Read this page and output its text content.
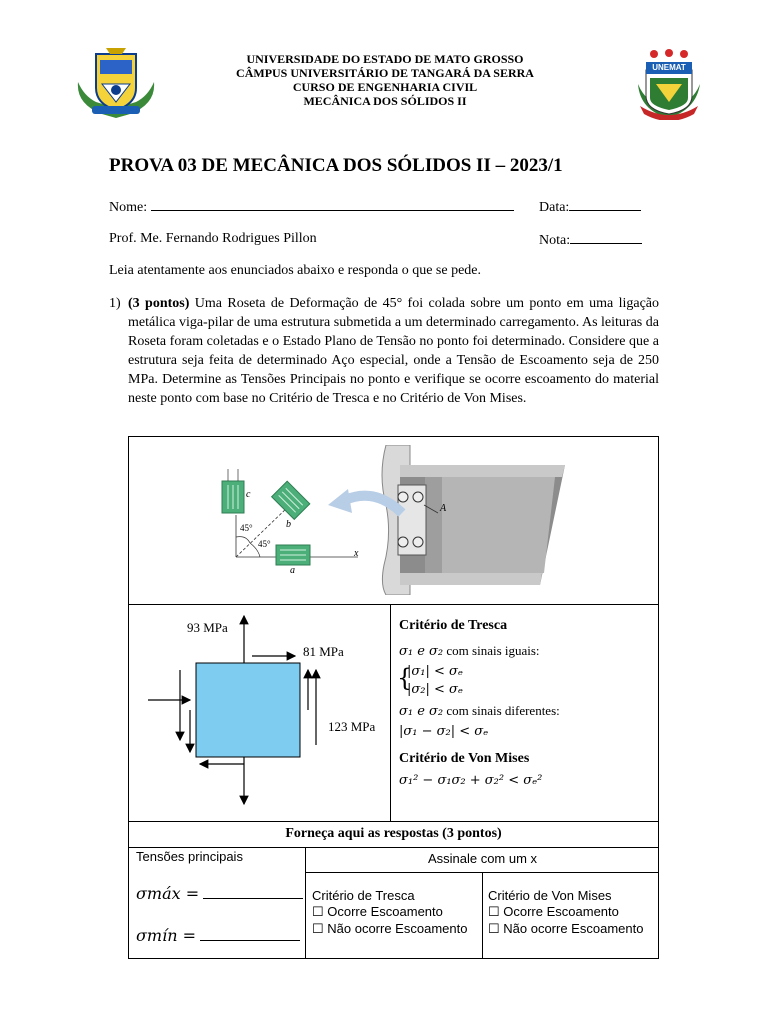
UNEMAT
UNIVERSIDADE DO ESTADO DE MATO GROSSO
CÂMPUS UNIVERSITÁRIO DE TANGARÁ DA SERRA
CURSO DE ENGENHARIA CIVIL
MECÂNICA DOS SÓLIDOS II
PROVA 03 DE MECÂNICA DOS SÓLIDOS II – 2023/1
Nome:	Data:
Prof. Me. Fernando Rodrigues Pillon	Nota:
Leia atentamente aos enunciados abaixo e responda o que se pede.
1) (3 pontos) Uma Roseta de Deformação de 45° foi colada sobre um ponto em uma ligação metálica viga-pilar de uma estrutura submetida a um determinado carregamento. As leituras da Roseta foram coletadas e o Estado Plano de Tensão no ponto foi determinado. Considere que a estrutura seja feita de determinado Aço especial, onde a Tensão de Escoamento seja de 250 MPa. Determine as Tensões Principais no ponto e verifique se ocorre escoamento do material neste ponto com base no Critério de Tresca e no Critério de Von Mises.
c
b
a
45°
45°
x
A
93 MPa
81 MPa
123 MPa
Critério de Tresca
σ₁ e σ₂ com sinais iguais:
{
|σ₁| < σₑ
|σ₂| < σₑ
σ₁ e σ₂ com sinais diferentes:
|σ₁ − σ₂| < σₑ
Critério de Von Mises
σ₁² − σ₁σ₂ + σ₂² < σₑ²
Forneça aqui as respostas (3 pontos)
Tensões principais
σmáx =
σmín =
Assinale com um x
Critério de Tresca
☐ Ocorre Escoamento
☐ Não ocorre Escoamento
Critério de Von Mises
☐ Ocorre Escoamento
☐ Não ocorre Escoamento
